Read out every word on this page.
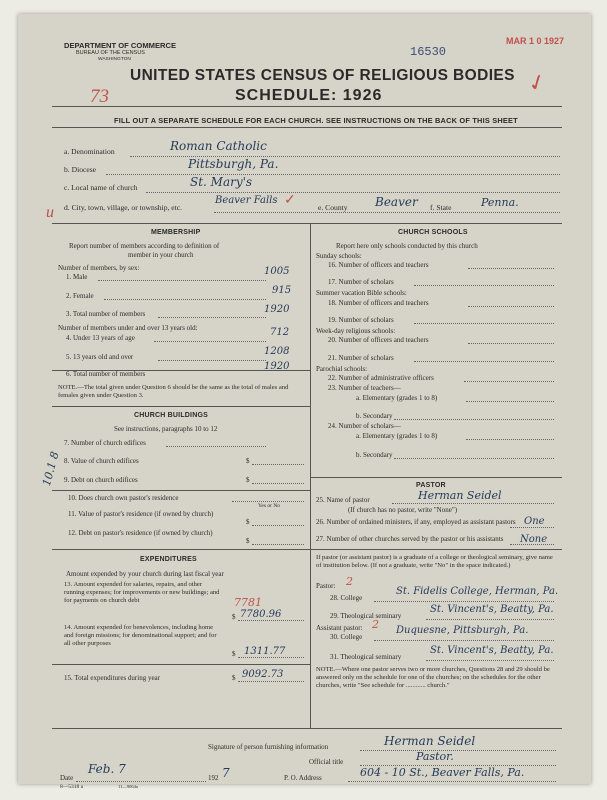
DEPARTMENT OF COMMERCE
BUREAU OF THE CENSUS
WASHINGTON
16530
MAR 1 0 1927
✓
UNITED STATES CENSUS OF RELIGIOUS BODIES
SCHEDULE: 1926
73
FILL OUT A SEPARATE SCHEDULE FOR EACH CHURCH. SEE INSTRUCTIONS ON THE BACK OF THIS SHEET
a. Denomination	Roman Catholic
b. Diocese	Pittsburgh, Pa.
c. Local name of church	St. Mary's
u d. City, town, village, or township, etc.
Beaver Falls ✓	e. County Beaver f. State	Penna.
MEMBERSHIP
Report number of members according to definition of
member in your church
Number of members, by sex:
1. Male	1005
2. Female	915
3. Total number of members	1920
Number of members under and over 13 years old:
4. Under 13 years of age	712
5. 13 years old and over	1208
6. Total number of members
1920
NOTE.—The total given under Question 6 should be the same as the total of males and females given under Question 3.
CHURCH BUILDINGS
See instructions, paragraphs 10 to 12
7. Number of church edifices
8. Value of church edifices	$
9. Debt on church edifices	$
10.1 8
10. Does church own pastor's residence
Yes or No
11. Value of pastor's residence (if owned by church)
$
12. Debt on pastor's residence (if owned by church)
$
EXPENDITURES
Amount expended by your church during last fiscal year
13. Amount expended for salaries, repairs, and other running expenses; for improvements or new buildings; and for payments on church debt	7781
$ 7780.96
14. Amount expended for benevolences, including home and foreign missions; for denominational support; and for all other purposes
$ 1311.77
15. Total expenditures during year	$ 9092.73
CHURCH SCHOOLS
Report here only schools conducted by this church
Sunday schools:
16. Number of officers and teachers
17. Number of scholars
Summer vacation Bible schools:
18. Number of officers and teachers
19. Number of scholars
Week-day religious schools:
20. Number of officers and teachers
21. Number of scholars
Parochial schools:
22. Number of administrative officers
23. Number of teachers—
a. Elementary (grades 1 to 8)
b. Secondary
24. Number of scholars—
a. Elementary (grades 1 to 8)
b. Secondary
PASTOR
25. Name of pastor	Herman Seidel
(If church has no pastor, write "None")
26. Number of ordained ministers, if any, employed as assistant pastors One
27. Number of other churches served by the pastor or his assistants	None
If pastor (or assistant pastor) is a graduate of a college or theological seminary, give name of institution below. (If not a graduate, write "No" in the space indicated.)
Pastor: 2
28. College
St. Fidelis College, Herman, Pa.
29. Theological seminary
St. Vincent's, Beatty, Pa.
Assistant pastor: 2
30. College
Duquesne, Pittsburgh, Pa.
31. Theological seminary
St. Vincent's, Beatty, Pa.
NOTE.—Where one pastor serves two or more churches, Questions 28 and 29 should be answered only on the schedule for one of the churches; on the schedules for the other churches, write "See schedule for ............ church."
Signature of person furnishing information	Herman Seidel
Official title	Pastor.
Date
Feb. 7
192 7	P. O. Address	604 - 10 St., Beaver Falls, Pa.
8—5318 a	11—9064a
